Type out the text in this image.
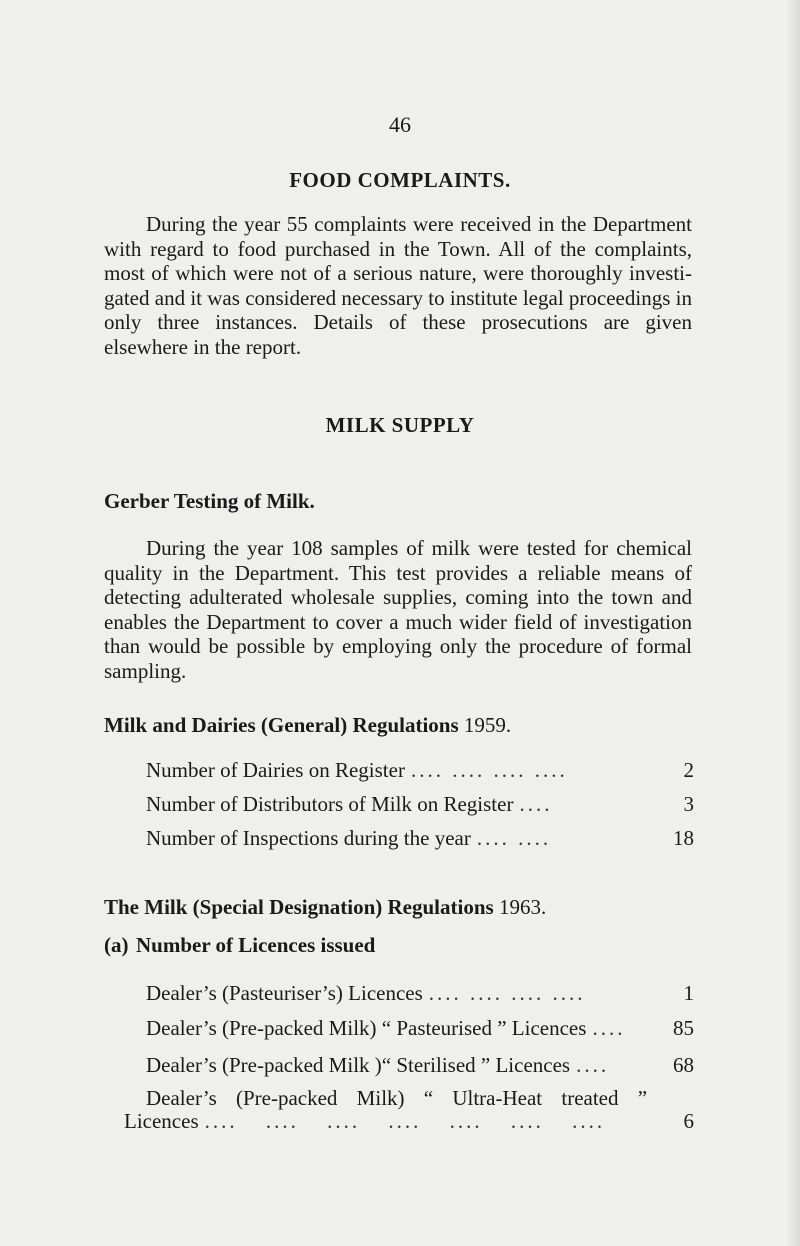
46
FOOD COMPLAINTS.

During the year 55 complaints were received in the Department with regard to food purchased in the Town. All of the complaints, most of which were not of a serious nature, were thoroughly investigated and it was considered necessary to institute legal proceedings in only three instances. Details of these prosecutions are given elsewhere in the report.

MILK SUPPLY
Gerber Testing of Milk.

During the year 108 samples of milk were tested for chemical quality in the Department. This test provides a reliable means of detecting adulterated wholesale supplies, coming into the town and enables the Department to cover a much wider field of investigation than would be possible by employing only the procedure of formal sampling.

Milk and Dairies (General) Regulations 1959.
Number of Dairies on Register .... .... .... ....	2
Number of Distributors of Milk on Register ....	3
Number of Inspections during the year .... ....	18
The Milk (Special Designation) Regulations 1963.
(a) Number of Licences issued
Dealer’s (Pasteuriser’s) Licences .... .... .... ....	1
Dealer’s (Pre-packed Milk) “ Pasteurised ” Licences ....	85
Dealer’s (Pre-packed Milk )“ Sterilised ” Licences ....	68
Dealer’s (Pre-packed Milk) “ Ultra-Heat treated ”
Licences .... .... .... .... .... .... ....	6
